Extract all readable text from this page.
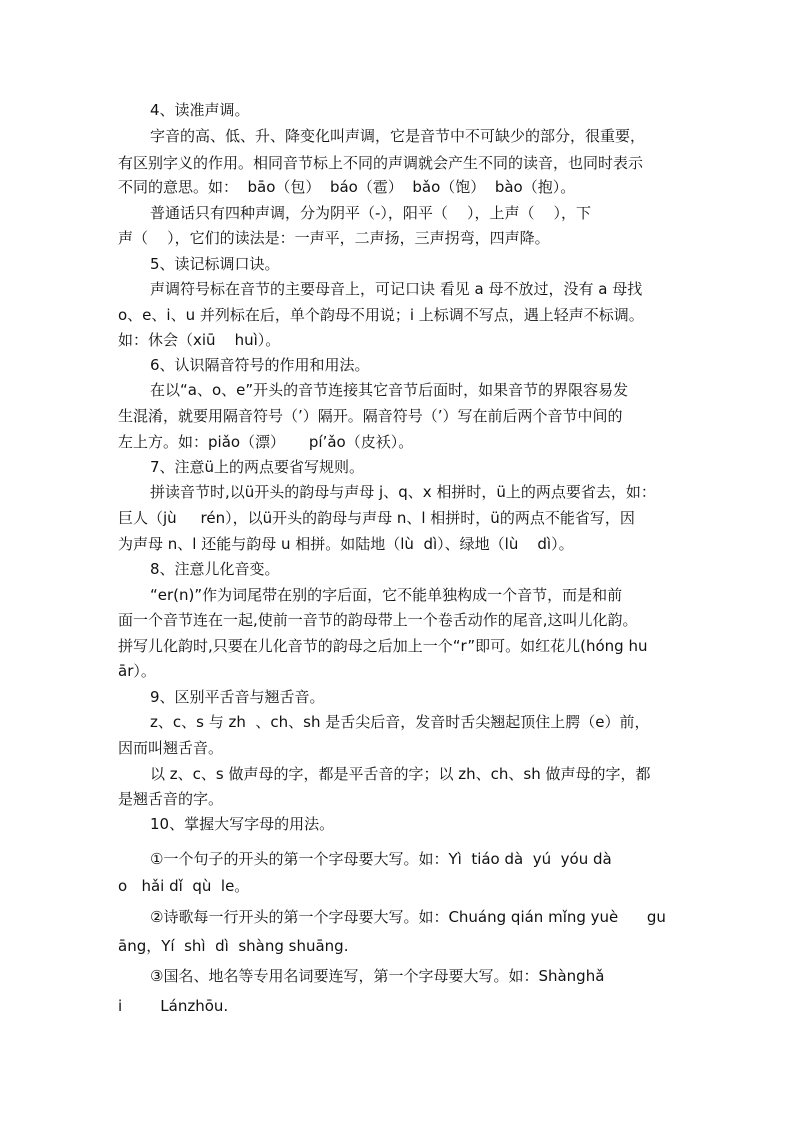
4、读准声调。
字音的高、低、升、降变化叫声调，它是音节中不可缺少的部分，很重要，
有区别字义的作用。相同音节标上不同的声调就会产生不同的读音，也同时表示
不同的意思。如：  bāo（包）  báo（雹）  bǎo（饱）  bào（抱）。
普通话只有四种声调，分为阴平（-），阳平（    ），上声（    ），下
声（    ），它们的读法是：一声平，二声扬，三声拐弯，四声降。
5、读记标调口诀。
声调符号标在音节的主要母音上，可记口诀 看见 a 母不放过，没有 a 母找
o、e、i、u 并列标在后，单个韵母不用说；i 上标调不写点，遇上轻声不标调。
如：休会（xiū    huì）。
6、认识隔音符号的作用和用法。
在以“a、o、e”开头的音节连接其它音节后面时，如果音节的界限容易发
生混淆，就要用隔音符号（’）隔开。隔音符号（’）写在前后两个音节中间的
左上方。如：piǎo（漂）     pí’ǎo（皮袄）。
7、注意ü上的两点要省写规则。
拼读音节时,以ü开头的韵母与声母 j、q、x 相拼时，ü上的两点要省去，如：
巨人（jù     rén），以ü开头的韵母与声母 n、l 相拼时，ü的两点不能省写，因
为声母 n、l 还能与韵母 u 相拼。如陆地（lù  dì）、绿地（lù    dì）。
8、注意儿化音变。
“er(n)”作为词尾带在别的字后面，它不能单独构成一个音节，而是和前
面一个音节连在一起,使前一音节的韵母带上一个卷舌动作的尾音,这叫儿化韵。
拼写儿化韵时,只要在儿化音节的韵母之后加上一个“r”即可。如红花儿(hóng hu
ār）。
9、区别平舌音与翘舌音。
z、c、s 与 zh  、ch、sh 是舌尖后音，发音时舌尖翘起顶住上腭（e）前，
因而叫翘舌音。
以 z、c、s 做声母的字，都是平舌音的字；以 zh、ch、sh 做声母的字，都
是翘舌音的字。
10、掌握大写字母的用法。
①一个句子的开头的第一个字母要大写。如：Yì  tiáo dà  yú  yóu dà
o   hǎi dǐ  qù  le。
②诗歌每一行开头的第一个字母要大写。如：Chuáng qián mǐng yuè      gu
āng，Yí  shì  dì  shàng shuāng.
③国名、地名等专用名词要连写，第一个字母要大写。如：Shànghǎ
i        Lánzhōu.
